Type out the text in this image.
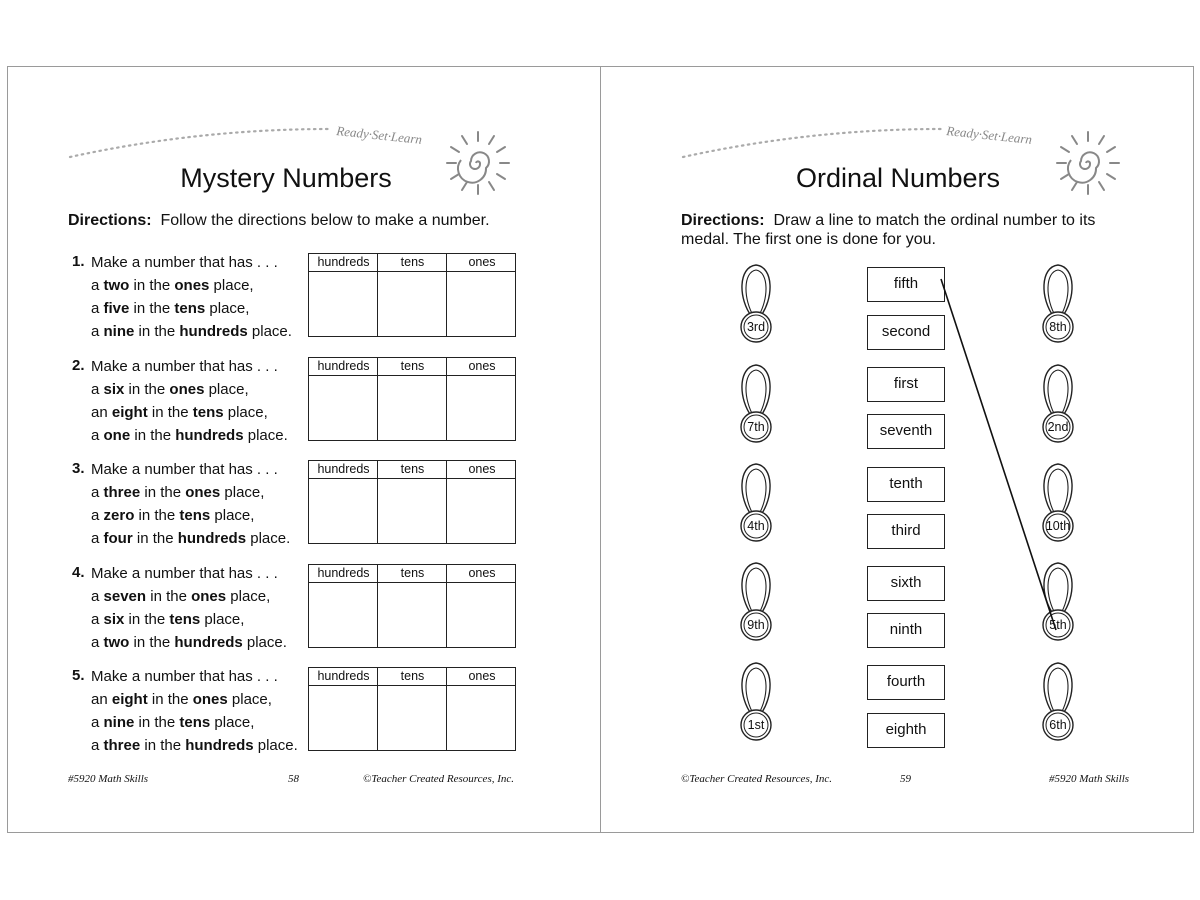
Ready·Set·Learn
Mystery Numbers
Directions: Follow the directions below to make a number.
1. Make a number that has . . .
a two in the ones place,
a five in the tens place,
a nine in the hundreds place.
hundreds	tens	ones
2. Make a number that has . . .
a six in the ones place,
an eight in the tens place,
a one in the hundreds place.
hundreds	tens	ones
3. Make a number that has . . .
a three in the ones place,
a zero in the tens place,
a four in the hundreds place.
hundreds	tens	ones
4. Make a number that has . . .
a seven in the ones place,
a six in the tens place,
a two in the hundreds place.
hundreds	tens	ones
5. Make a number that has . . .
an eight in the ones place,
a nine in the tens place,
a three in the hundreds place.
hundreds	tens	ones
#5920 Math Skills	58	©Teacher Created Resources, Inc.
Ready·Set·Learn
Ordinal Numbers
Directions: Draw a line to match the ordinal number to its medal. The first one is done for you.
3rd
7th
4th
9th
1st
8th
2nd
10th
5th
6th
fifth
second
first
seventh
tenth
third
sixth
ninth
fourth
eighth
©Teacher Created Resources, Inc.	59	#5920 Math Skills
